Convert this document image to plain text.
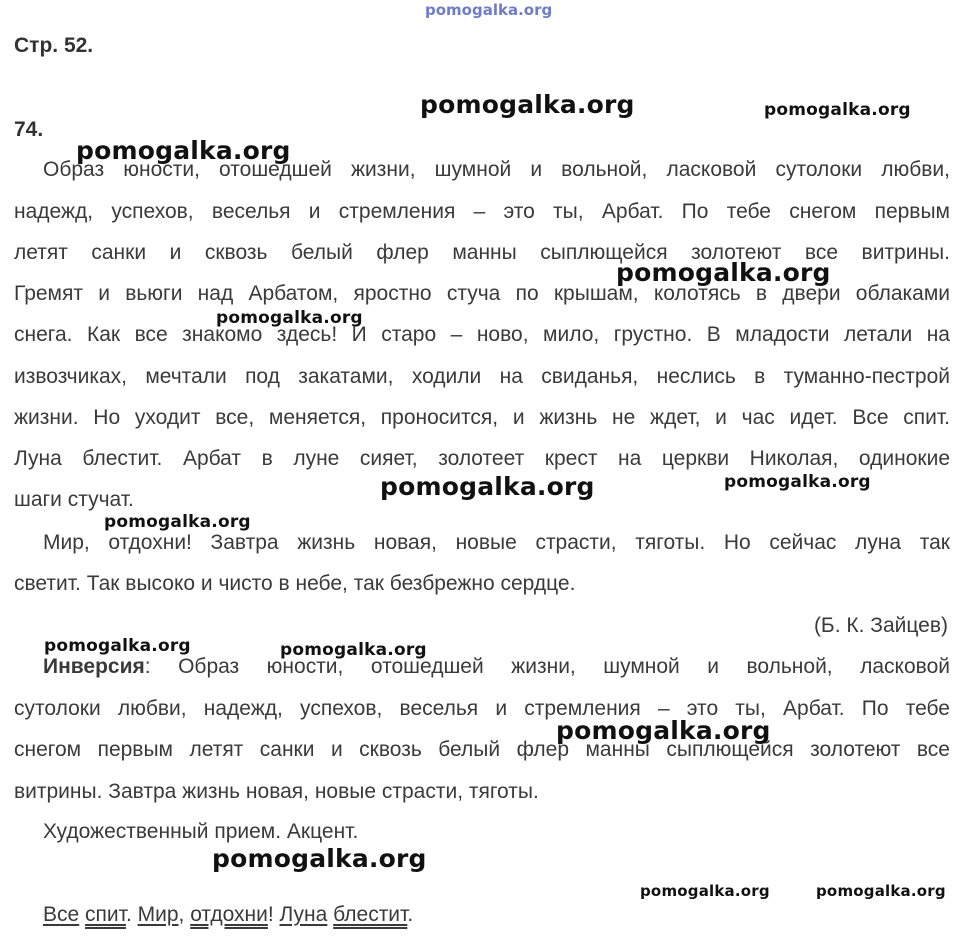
pomogalka.org
Стр. 52.
74.
Образ юности, отошедшей жизни, шумной и вольной, ласковой сутолоки любви,
надежд, успехов, веселья и стремления – это ты, Арбат. По тебе снегом первым
летят санки и сквозь белый флер манны сыплющейся золотеют все витрины.
Гремят и вьюги над Арбатом, яростно стуча по крышам, колотясь в двери облаками
снега. Как все знакомо здесь! И старо – ново, мило, грустно. В младости летали на
извозчиках, мечтали под закатами, ходили на свиданья, неслись в туманно-пестрой
жизни. Но уходит все, меняется, проносится, и жизнь не ждет, и час идет. Все спит.
Луна блестит. Арбат в луне сияет, золотеет крест на церкви Николая, одинокие
шаги стучат.
Мир, отдохни! Завтра жизнь новая, новые страсти, тяготы. Но сейчас луна так
светит. Так высоко и чисто в небе, так безбрежно сердце.
(Б. К. Зайцев)
Инверсия: Образ юности, отошедшей жизни, шумной и вольной, ласковой
сутолоки любви, надежд, успехов, веселья и стремления – это ты, Арбат. По тебе
снегом первым летят санки и сквозь белый флер манны сыплющейся золотеют все
витрины. Завтра жизнь новая, новые страсти, тяготы.
Художественный прием. Акцент.
Все спит. Мир, отдохни! Луна блестит.
pomogalka.org	pomogalka.org
pomogalka.org
pomogalka.org
pomogalka.org
pomogalka.org	pomogalka.org
pomogalka.org
pomogalka.org	pomogalka.org
pomogalka.org
pomogalka.org
pomogalka.org	pomogalka.org
